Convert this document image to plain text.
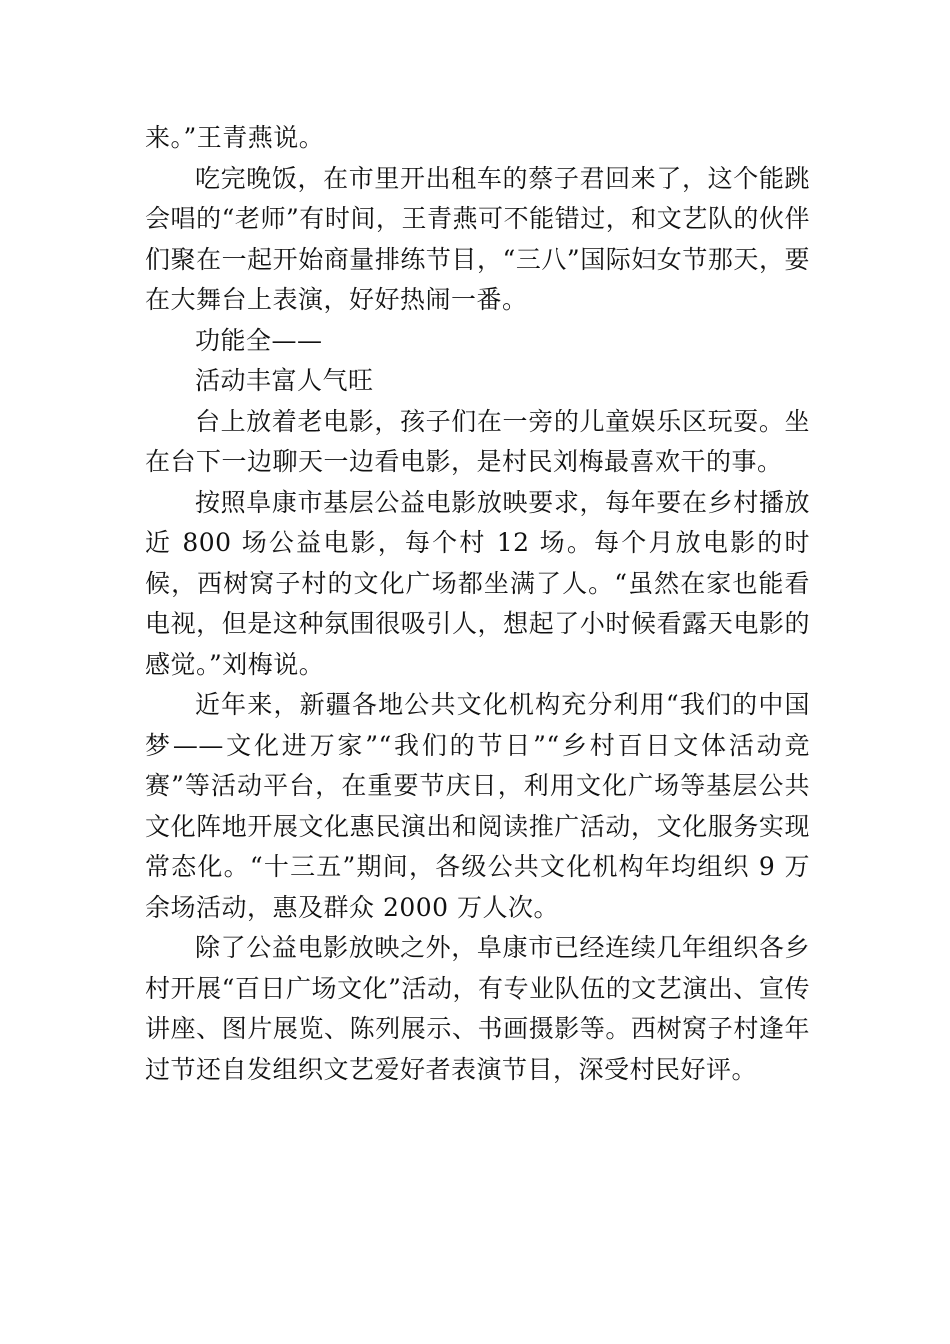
来。”王青燕说。

吃完晚饭，在市里开出租车的蔡子君回来了，这个能跳会唱的“老师”有时间，王青燕可不能错过，和文艺队的伙伴们聚在一起开始商量排练节目，“三八”国际妇女节那天，要在大舞台上表演，好好热闹一番。

功能全——

活动丰富人气旺

台上放着老电影，孩子们在一旁的儿童娱乐区玩耍。坐在台下一边聊天一边看电影，是村民刘梅最喜欢干的事。

按照阜康市基层公益电影放映要求，每年要在乡村播放近 800 场公益电影，每个村 12 场。每个月放电影的时候，西树窝子村的文化广场都坐满了人。“虽然在家也能看电视，但是这种氛围很吸引人，想起了小时候看露天电影的感觉。”刘梅说。

近年来，新疆各地公共文化机构充分利用“我们的中国梦——文化进万家”“我们的节日”“乡村百日文体活动竞赛”等活动平台，在重要节庆日，利用文化广场等基层公共文化阵地开展文化惠民演出和阅读推广活动，文化服务实现常态化。“十三五”期间，各级公共文化机构年均组织 9 万余场活动，惠及群众 2000 万人次。

除了公益电影放映之外，阜康市已经连续几年组织各乡村开展“百日广场文化”活动，有专业队伍的文艺演出、宣传讲座、图片展览、陈列展示、书画摄影等。西树窝子村逢年过节还自发组织文艺爱好者表演节目，深受村民好评。
